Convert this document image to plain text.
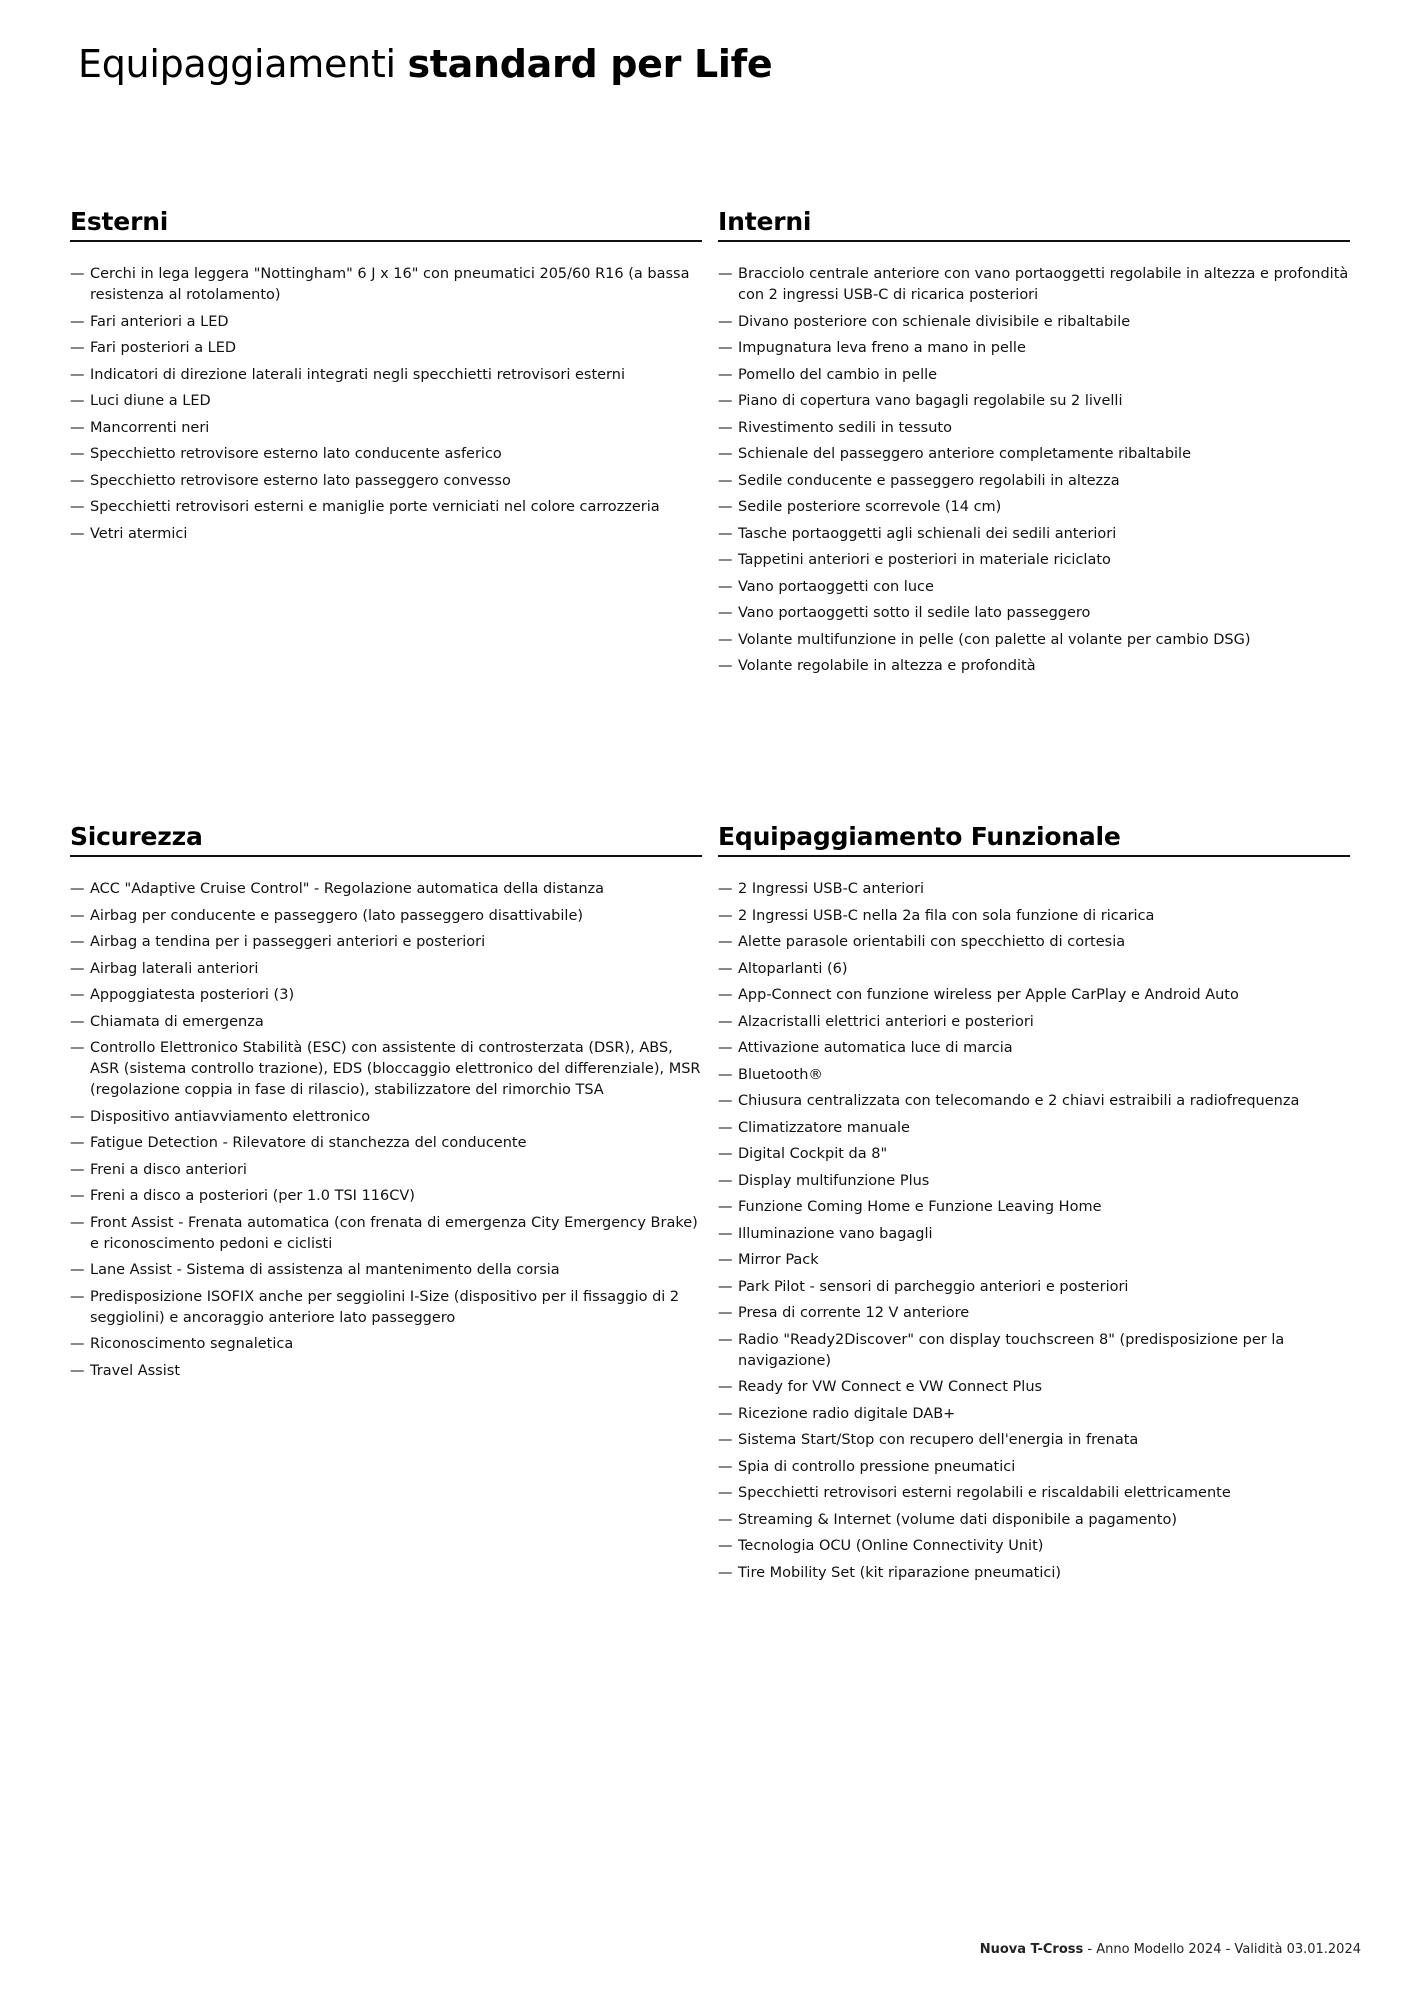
Equipaggiamenti standard per Life
Esterni
— Cerchi in lega leggera "Nottingham" 6 J x 16" con pneumatici 205/60 R16 (a bassa resistenza al rotolamento)
— Fari anteriori a LED
— Fari posteriori a LED
— Indicatori di direzione laterali integrati negli specchietti retrovisori esterni
— Luci diune a LED
— Mancorrenti neri
— Specchietto retrovisore esterno lato conducente asferico
— Specchietto retrovisore esterno lato passeggero convesso
— Specchietti retrovisori esterni e maniglie porte verniciati nel colore carrozzeria
— Vetri atermici
Interni
— Bracciolo centrale anteriore con vano portaoggetti regolabile in altezza e profondità con 2 ingressi USB-C di ricarica posteriori
— Divano posteriore con schienale divisibile e ribaltabile
— Impugnatura leva freno a mano in pelle
— Pomello del cambio in pelle
— Piano di copertura vano bagagli regolabile su 2 livelli
— Rivestimento sedili in tessuto
— Schienale del passeggero anteriore completamente ribaltabile
— Sedile conducente e passeggero regolabili in altezza
— Sedile posteriore scorrevole (14 cm)
— Tasche portaoggetti agli schienali dei sedili anteriori
— Tappetini anteriori e posteriori in materiale riciclato
— Vano portaoggetti con luce
— Vano portaoggetti sotto il sedile lato passeggero
— Volante multifunzione in pelle (con palette al volante per cambio DSG)
— Volante regolabile in altezza e profondità
Sicurezza
— ACC "Adaptive Cruise Control" - Regolazione automatica della distanza
— Airbag per conducente e passeggero (lato passeggero disattivabile)
— Airbag a tendina per i passeggeri anteriori e posteriori
— Airbag laterali anteriori
— Appoggiatesta posteriori (3)
— Chiamata di emergenza
— Controllo Elettronico Stabilità (ESC) con assistente di controsterzata (DSR), ABS, ASR (sistema controllo trazione), EDS (bloccaggio elettronico del differenziale), MSR (regolazione coppia in fase di rilascio), stabilizzatore del rimorchio TSA
— Dispositivo antiavviamento elettronico
— Fatigue Detection - Rilevatore di stanchezza del conducente
— Freni a disco anteriori
— Freni a disco a posteriori (per 1.0 TSI 116CV)
— Front Assist - Frenata automatica (con frenata di emergenza City Emergency Brake) e riconoscimento pedoni e ciclisti
— Lane Assist - Sistema di assistenza al mantenimento della corsia
— Predisposizione ISOFIX anche per seggiolini I-Size (dispositivo per il fissaggio di 2 seggiolini) e ancoraggio anteriore lato passeggero
— Riconoscimento segnaletica
— Travel Assist
Equipaggiamento Funzionale
— 2 Ingressi USB-C anteriori
— 2 Ingressi USB-C nella 2a fila con sola funzione di ricarica
— Alette parasole orientabili con specchietto di cortesia
— Altoparlanti (6)
— App-Connect con funzione wireless per Apple CarPlay e Android Auto
— Alzacristalli elettrici anteriori e posteriori
— Attivazione automatica luce di marcia
— Bluetooth®
— Chiusura centralizzata con telecomando e 2 chiavi estraibili a radiofrequenza
— Climatizzatore manuale
— Digital Cockpit da 8"
— Display multifunzione Plus
— Funzione Coming Home e Funzione Leaving Home
— Illuminazione vano bagagli
— Mirror Pack
— Park Pilot - sensori di parcheggio anteriori e posteriori
— Presa di corrente 12 V anteriore
— Radio "Ready2Discover" con display touchscreen 8" (predisposizione per la navigazione)
— Ready for VW Connect e VW Connect Plus
— Ricezione radio digitale DAB+
— Sistema Start/Stop con recupero dell'energia in frenata
— Spia di controllo pressione pneumatici
— Specchietti retrovisori esterni regolabili e riscaldabili elettricamente
— Streaming & Internet (volume dati disponibile a pagamento)
— Tecnologia OCU (Online Connectivity Unit)
— Tire Mobility Set (kit riparazione pneumatici)
Nuova T-Cross - Anno Modello 2024 - Validità 03.01.2024
